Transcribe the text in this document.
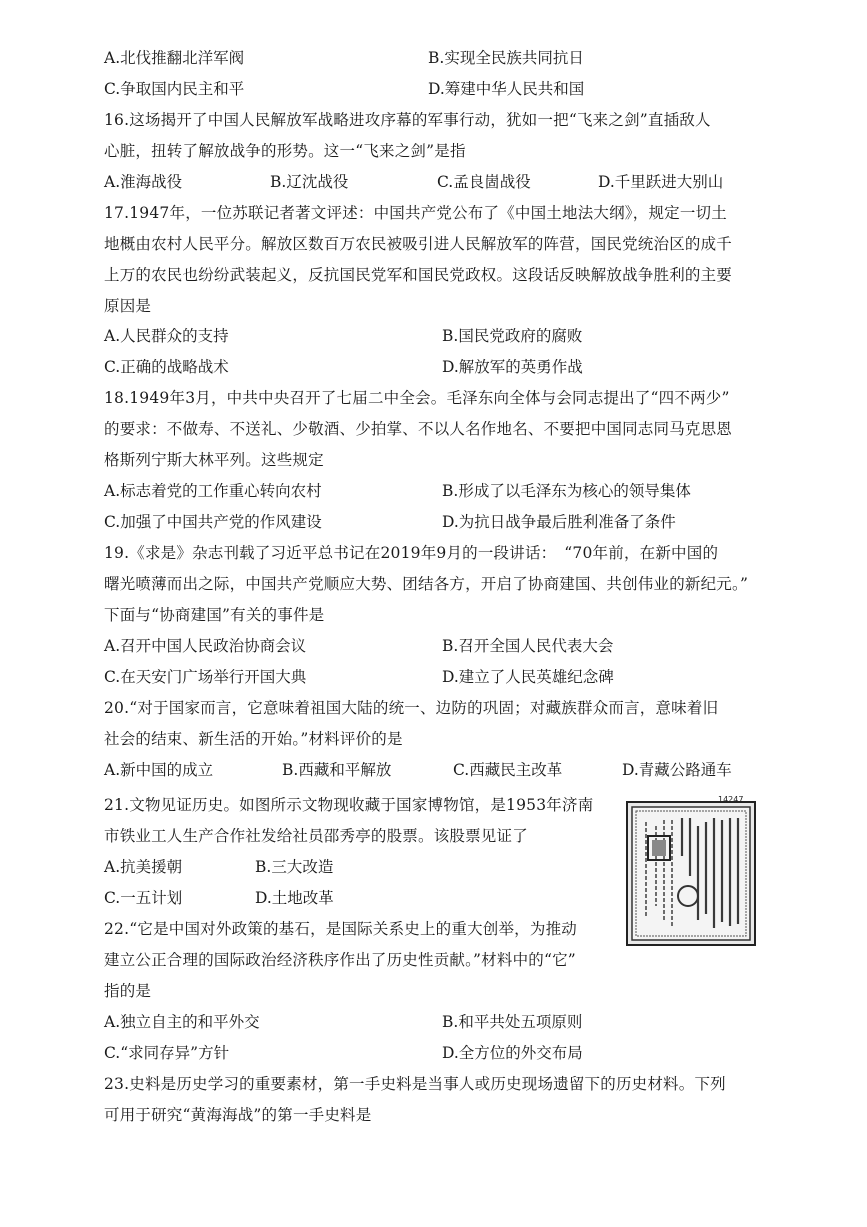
A.北伐推翻北洋军阀	B.实现全民族共同抗日
C.争取国内民主和平	D.筹建中华人民共和国
16.这场揭开了中国人民解放军战略进攻序幕的军事行动，犹如一把“飞来之剑”直插敌人
心脏，扭转了解放战争的形势。这一“飞来之剑”是指
A.淮海战役	B.辽沈战役	C.孟良崮战役	D.千里跃进大别山
17.1947年，一位苏联记者著文评述：中国共产党公布了《中国土地法大纲》，规定一切土
地概由农村人民平分。解放区数百万农民被吸引进人民解放军的阵营，国民党统治区的成千
上万的农民也纷纷武装起义，反抗国民党军和国民党政权。这段话反映解放战争胜利的主要
原因是
A.人民群众的支持	B.国民党政府的腐败
C.正确的战略战术	D.解放军的英勇作战
18.1949年3月，中共中央召开了七届二中全会。毛泽东向全体与会同志提出了“四不两少”
的要求：不做寿、不送礼、少敬酒、少拍掌、不以人名作地名、不要把中国同志同马克思恩
格斯列宁斯大林平列。这些规定
A.标志着党的工作重心转向农村	B.形成了以毛泽东为核心的领导集体
C.加强了中国共产党的作风建设	D.为抗日战争最后胜利准备了条件
19.《求是》杂志刊载了习近平总书记在2019年9月的一段讲话：　“70年前，在新中国的
曙光喷薄而出之际，中国共产党顺应大势、团结各方，开启了协商建国、共创伟业的新纪元。”
下面与“协商建国”有关的事件是
A.召开中国人民政治协商会议	B.召开全国人民代表大会
C.在天安门广场举行开国大典	D.建立了人民英雄纪念碑
20.“对于国家而言，它意味着祖国大陆的统一、边防的巩固；对藏族群众而言，意味着旧
社会的结束、新生活的开始。”材料评价的是
A.新中国的成立	B.西藏和平解放	C.西藏民主改革	D.青藏公路通车
21.文物见证历史。如图所示文物现收藏于国家博物馆，是1953年济南
市铁业工人生产合作社发给社员邵秀亭的股票。该股票见证了
A.抗美援朝	B.三大改造
C.一五计划	D.土地改革
14247
22.“它是中国对外政策的基石，是国际关系史上的重大创举，为推动
建立公正合理的国际政治经济秩序作出了历史性贡献。”材料中的“它”
指的是
A.独立自主的和平外交	B.和平共处五项原则
C.“求同存异”方针	D.全方位的外交布局
23.史料是历史学习的重要素材，第一手史料是当事人或历史现场遗留下的历史材料。下列
可用于研究“黄海海战”的第一手史料是
